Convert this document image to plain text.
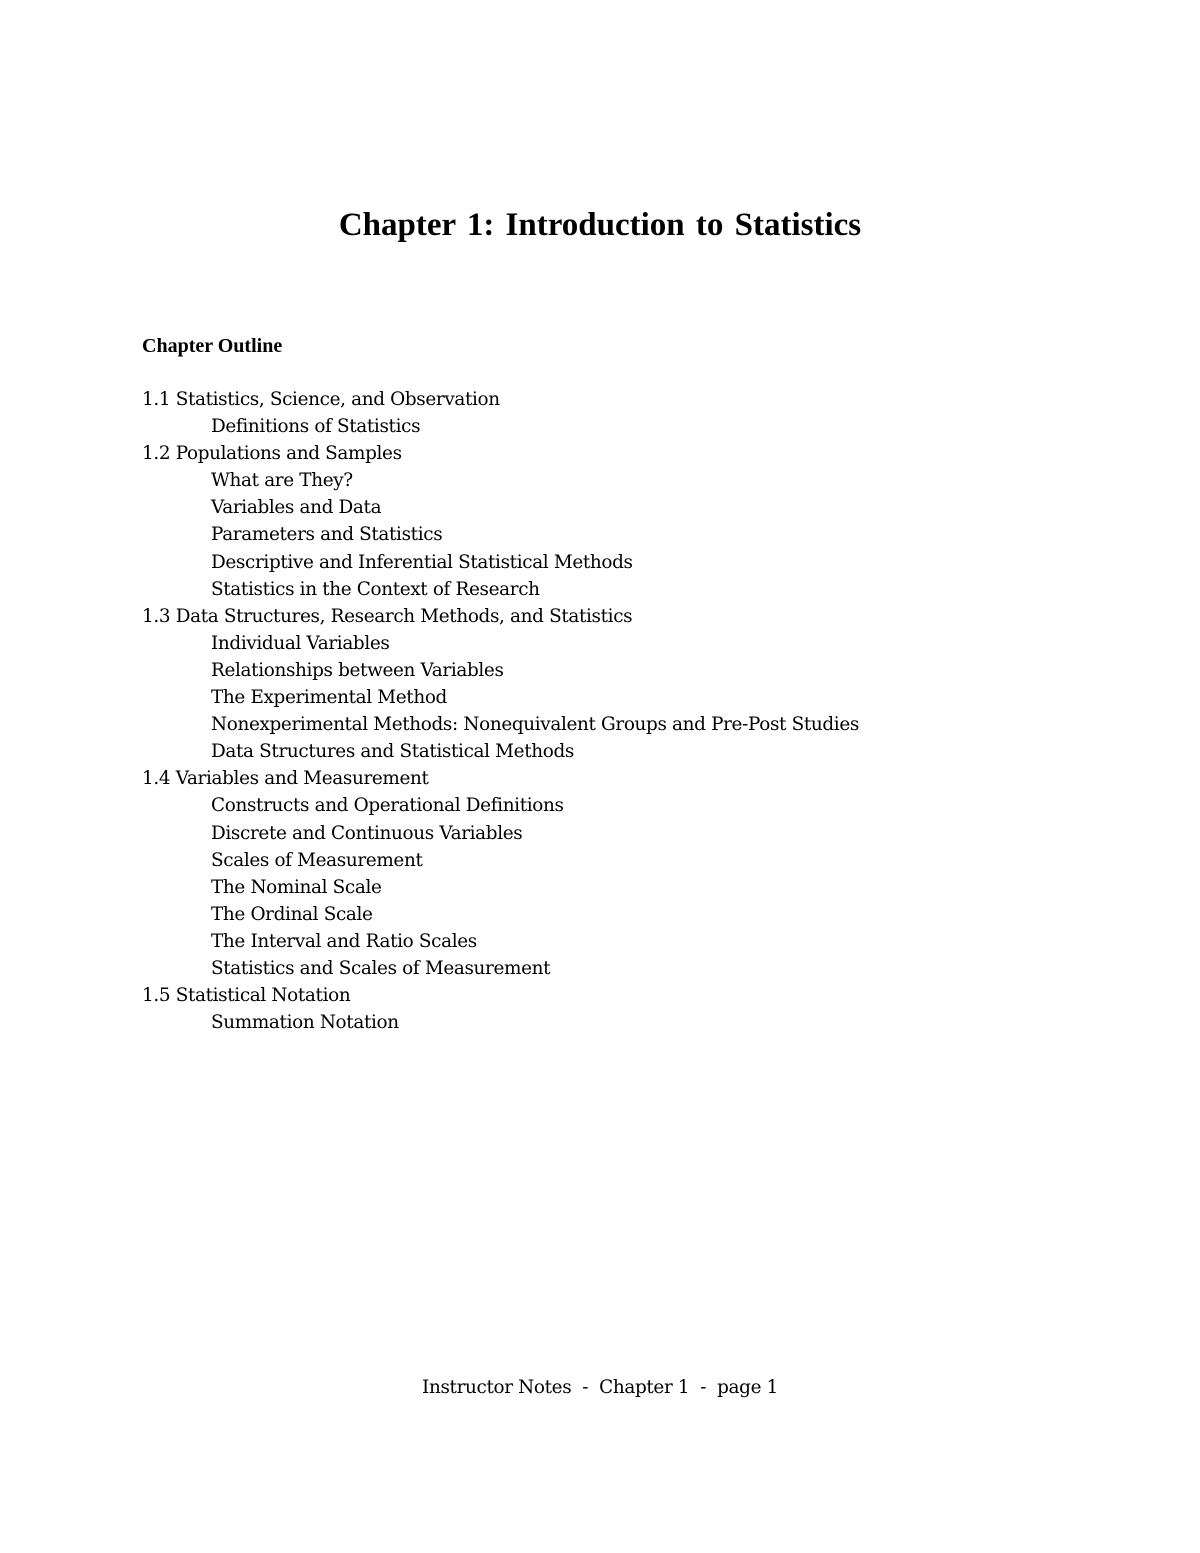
Chapter 1: Introduction to Statistics
Chapter Outline
1.1 Statistics, Science, and Observation
Definitions of Statistics
1.2 Populations and Samples
What are They?
Variables and Data
Parameters and Statistics
Descriptive and Inferential Statistical Methods
Statistics in the Context of Research
1.3 Data Structures, Research Methods, and Statistics
Individual Variables
Relationships between Variables
The Experimental Method
Nonexperimental Methods: Nonequivalent Groups and Pre-Post Studies
Data Structures and Statistical Methods
1.4 Variables and Measurement
Constructs and Operational Definitions
Discrete and Continuous Variables
Scales of Measurement
The Nominal Scale
The Ordinal Scale
The Interval and Ratio Scales
Statistics and Scales of Measurement
1.5 Statistical Notation
Summation Notation
Instructor Notes  -  Chapter 1  -  page 1
